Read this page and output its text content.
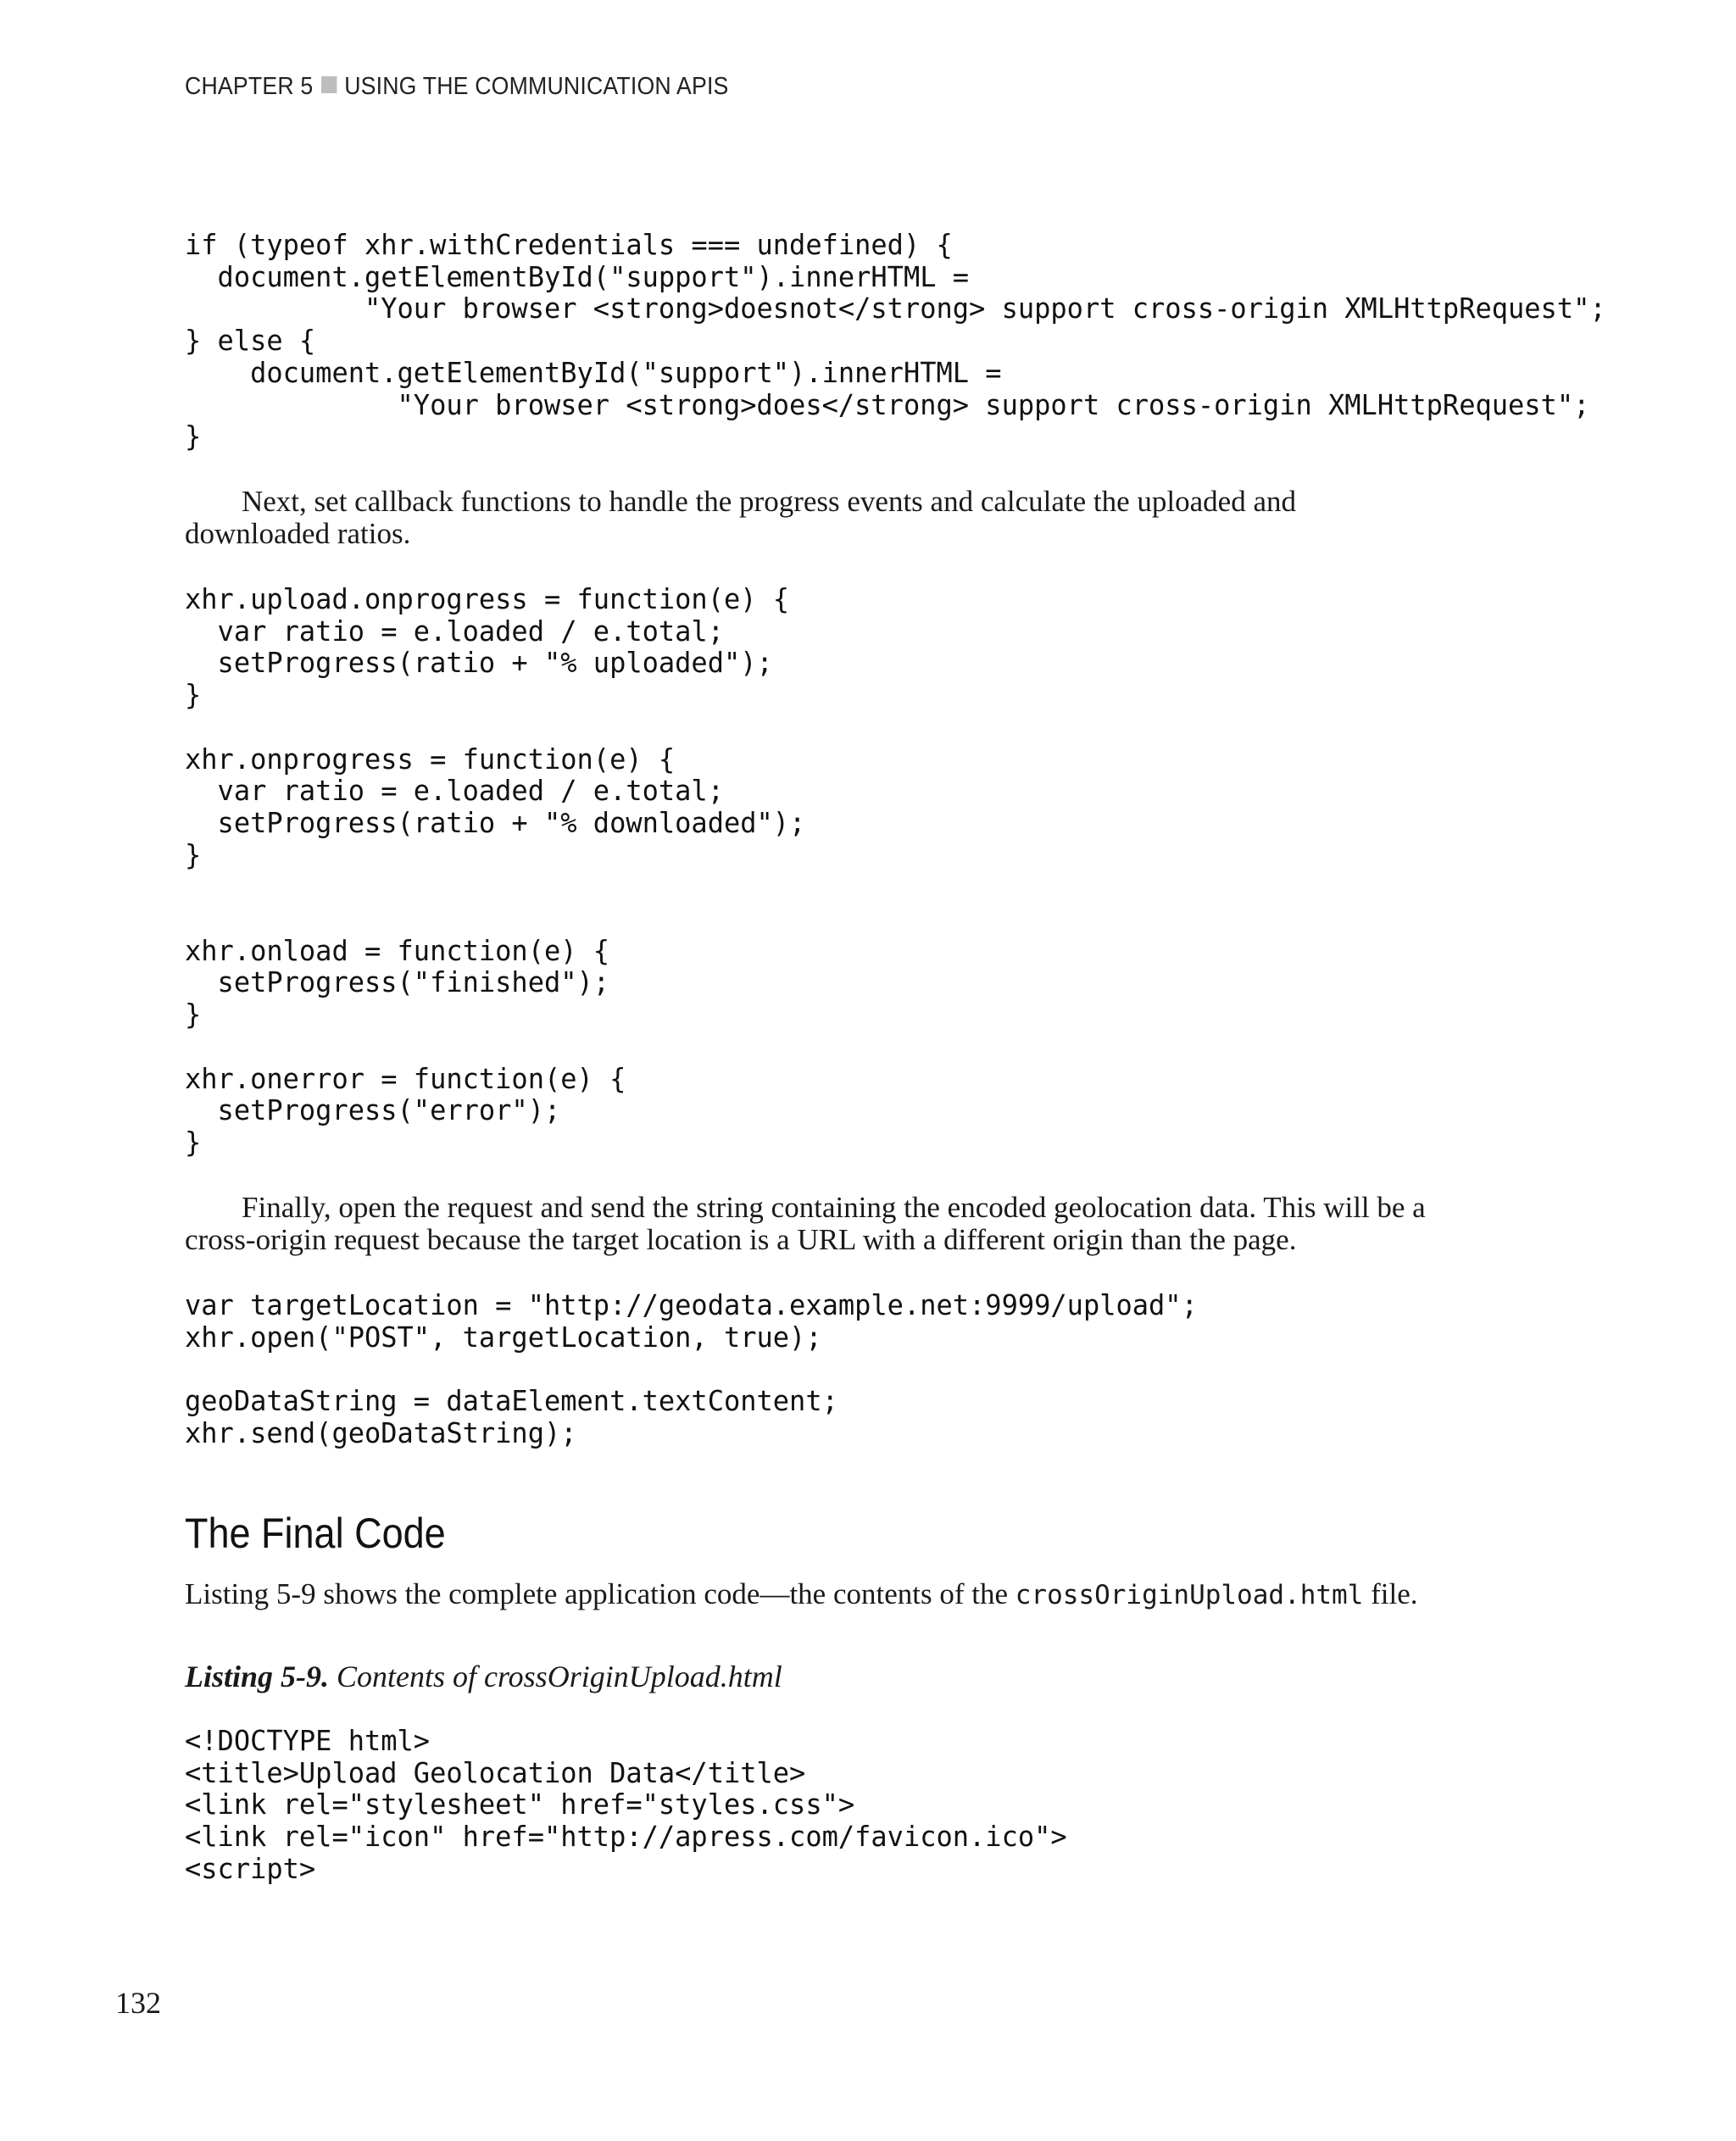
CHAPTER 5 USING THE COMMUNICATION APIS
if (typeof xhr.withCredentials === undefined) {
document.getElementById("support").innerHTML =
"Your browser <strong>doesnot</strong> support cross-origin XMLHttpRequest";
} else {
document.getElementById("support").innerHTML =
"Your browser <strong>does</strong> support cross-origin XMLHttpRequest";
}
Next, set callback functions to handle the progress events and calculate the uploaded and
downloaded ratios.
xhr.upload.onprogress = function(e) {
var ratio = e.loaded / e.total;
setProgress(ratio + "% uploaded");
}

xhr.onprogress = function(e) {
var ratio = e.loaded / e.total;
setProgress(ratio + "% downloaded");
}

xhr.onload = function(e) {
setProgress("finished");
}

xhr.onerror = function(e) {
setProgress("error");
}
Finally, open the request and send the string containing the encoded geolocation data. This will be a
cross-origin request because the target location is a URL with a different origin than the page.
var targetLocation = "http://geodata.example.net:9999/upload";
xhr.open("POST", targetLocation, true);

geoDataString = dataElement.textContent;
xhr.send(geoDataString);
The Final Code
Listing 5-9 shows the complete application code—the contents of the crossOriginUpload.html file.

Listing 5-9. Contents of crossOriginUpload.html

<!DOCTYPE html>
<title>Upload Geolocation Data</title>
<link rel="stylesheet" href="styles.css">
<link rel="icon" href="http://apress.com/favicon.ico">
<script>
132
